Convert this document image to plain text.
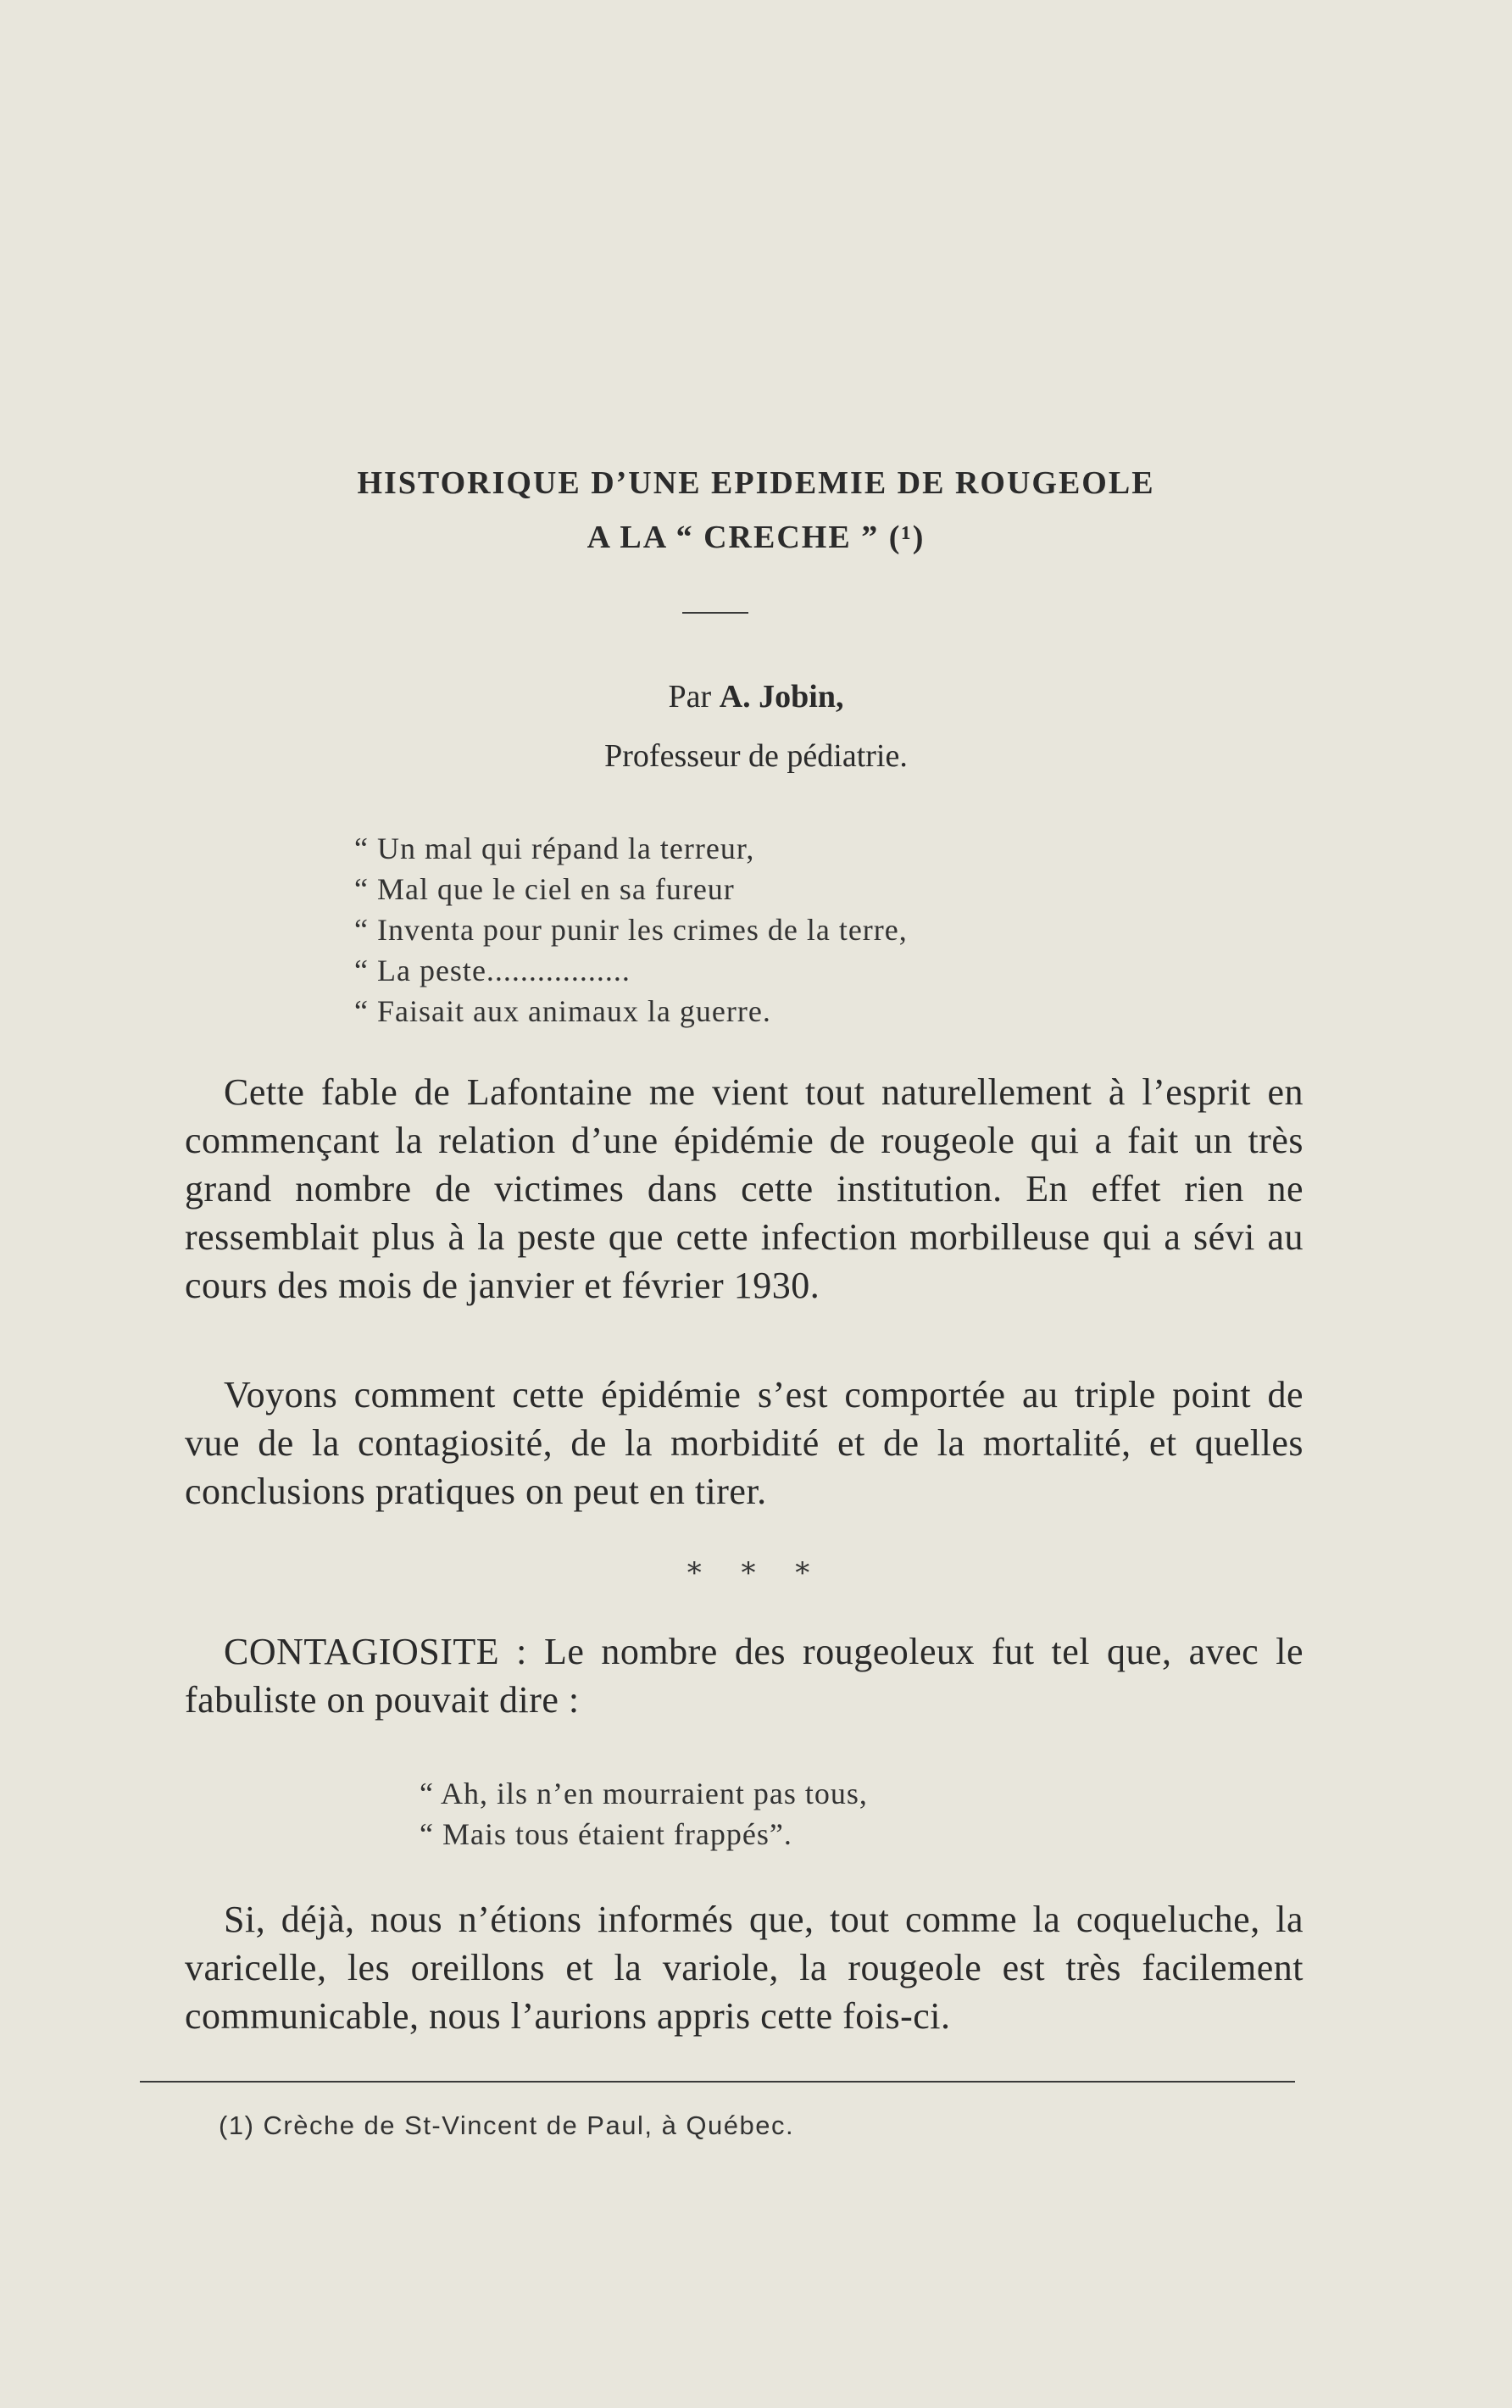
HISTORIQUE D’UNE EPIDEMIE DE ROUGEOLE
A LA “ CRECHE ” (¹)
Par A. Jobin,
Professeur de pédiatrie.
“ Un mal qui répand la terreur,
“ Mal que le ciel en sa fureur
“ Inventa pour punir les crimes de la terre,
“ La peste.................
“ Faisait aux animaux la guerre.
Cette fable de Lafontaine me vient tout naturellement à l’esprit en commençant la relation d’une épidémie de rougeole qui a fait un très grand nombre de victimes dans cette institution. En effet rien ne ressemblait plus à la peste que cette infection morbilleuse qui a sévi au cours des mois de janvier et février 1930.
Voyons comment cette épidémie s’est comportée au triple point de vue de la contagiosité, de la morbidité et de la mortalité, et quelles conclusions pratiques on peut en tirer.
* * *
CONTAGIOSITE : Le nombre des rougeoleux fut tel que, avec le fabuliste on pouvait dire :
“ Ah, ils n’en mourraient pas tous,
“ Mais tous étaient frappés”.
Si, déjà, nous n’étions informés que, tout comme la coqueluche, la varicelle, les oreillons et la variole, la rougeole est très facilement communicable, nous l’aurions appris cette fois-ci.
(1) Crèche de St-Vincent de Paul, à Québec.
